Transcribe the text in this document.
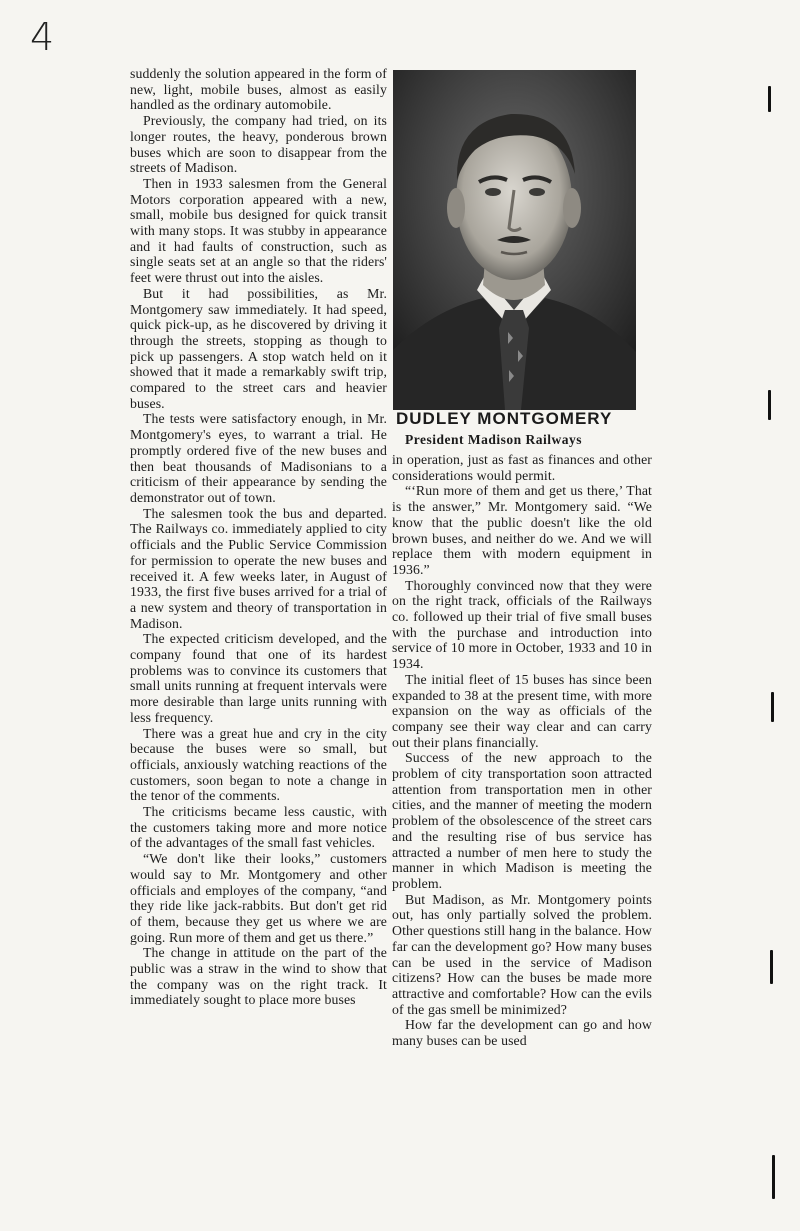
4

suddenly the solution appeared in the form of new, light, mobile buses, almost as easily handled as the ordinary automobile.

Previously, the company had tried, on its longer routes, the heavy, ponderous brown buses which are soon to disappear from the streets of Madison.

Then in 1933 salesmen from the General Motors corporation appeared with a new, small, mobile bus designed for quick transit with many stops. It was stubby in appearance and it had faults of construction, such as single seats set at an angle so that the riders' feet were thrust out into the aisles.

But it had possibilities, as Mr. Montgomery saw immediately. It had speed, quick pick-up, as he discovered by driving it through the streets, stopping as though to pick up passengers. A stop watch held on it showed that it made a remarkably swift trip, compared to the street cars and heavier buses.

The tests were satisfactory enough, in Mr. Montgomery's eyes, to warrant a trial. He promptly ordered five of the new buses and then beat thousands of Madisonians to a criticism of their appearance by sending the demonstrator out of town.

The salesmen took the bus and departed. The Railways co. immediately applied to city officials and the Public Service Commission for permission to operate the new buses and received it. A few weeks later, in August of 1933, the first five buses arrived for a trial of a new system and theory of transportation in Madison.

The expected criticism developed, and the company found that one of its hardest problems was to convince its customers that small units running at frequent intervals were more desirable than large units running with less frequency.

There was a great hue and cry in the city because the buses were so small, but officials, anxiously watching reactions of the customers, soon began to note a change in the tenor of the comments.

The criticisms became less caustic, with the customers taking more and more notice of the advantages of the small fast vehicles.

“We don't like their looks,” customers would say to Mr. Montgomery and other officials and employes of the company, “and they ride like jack-rabbits. But don't get rid of them, because they get us where we are going. Run more of them and get us there.”

The change in attitude on the part of the public was a straw in the wind to show that the company was on the right track. It immediately sought to place more buses

DUDLEY MONTGOMERY
President Madison Railways

in operation, just as fast as finances and other considerations would permit.

“‘Run more of them and get us there,’ That is the answer,” Mr. Montgomery said. “We know that the public doesn't like the old brown buses, and neither do we. And we will replace them with modern equipment in 1936.”

Thoroughly convinced now that they were on the right track, officials of the Railways co. followed up their trial of five small buses with the purchase and introduction into service of 10 more in October, 1933 and 10 in 1934.

The initial fleet of 15 buses has since been expanded to 38 at the present time, with more expansion on the way as officials of the company see their way clear and can carry out their plans financially.

Success of the new approach to the problem of city transportation soon attracted attention from transportation men in other cities, and the manner of meeting the modern problem of the obsolescence of the street cars and the resulting rise of bus service has attracted a number of men here to study the manner in which Madison is meeting the problem.

But Madison, as Mr. Montgomery points out, has only partially solved the problem. Other questions still hang in the balance. How far can the development go? How many buses can be used in the service of Madison citizens? How can the buses be made more attractive and comfortable? How can the evils of the gas smell be minimized?

How far the development can go and how many buses can be used
